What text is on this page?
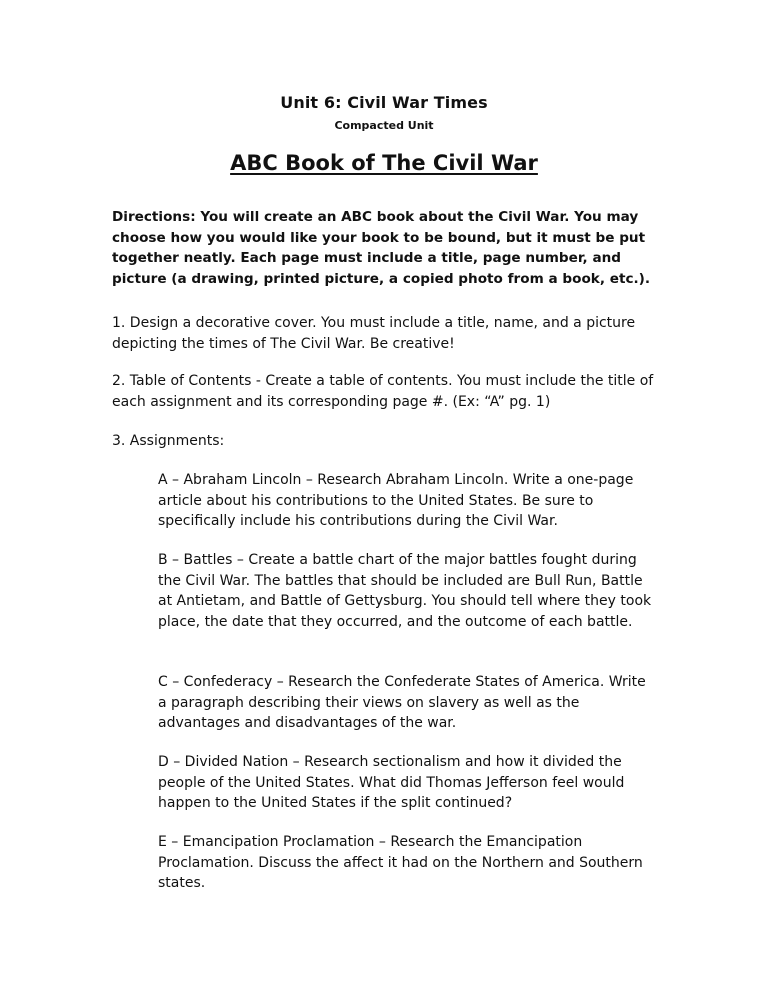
Unit 6: Civil War Times
Compacted Unit
ABC Book of The Civil War

Directions: You will create an ABC book about the Civil War. You may choose how you would like your book to be bound, but it must be put together neatly. Each page must include a title, page number, and picture (a drawing, printed picture, a copied photo from a book, etc.).

1. Design a decorative cover. You must include a title, name, and a picture depicting the times of The Civil War. Be creative!

2. Table of Contents - Create a table of contents. You must include the title of each assignment and its corresponding page #. (Ex: “A” pg. 1)

3. Assignments:

A – Abraham Lincoln – Research Abraham Lincoln. Write a one-page article about his contributions to the United States. Be sure to specifically include his contributions during the Civil War.

B – Battles – Create a battle chart of the major battles fought during the Civil War. The battles that should be included are Bull Run, Battle at Antietam, and Battle of Gettysburg. You should tell where they took place, the date that they occurred, and the outcome of each battle.

C – Confederacy – Research the Confederate States of America. Write a paragraph describing their views on slavery as well as the advantages and disadvantages of the war.

D – Divided Nation – Research sectionalism and how it divided the people of the United States. What did Thomas Jefferson feel would happen to the United States if the split continued?

E – Emancipation Proclamation – Research the Emancipation Proclamation. Discuss the affect it had on the Northern and Southern states.
